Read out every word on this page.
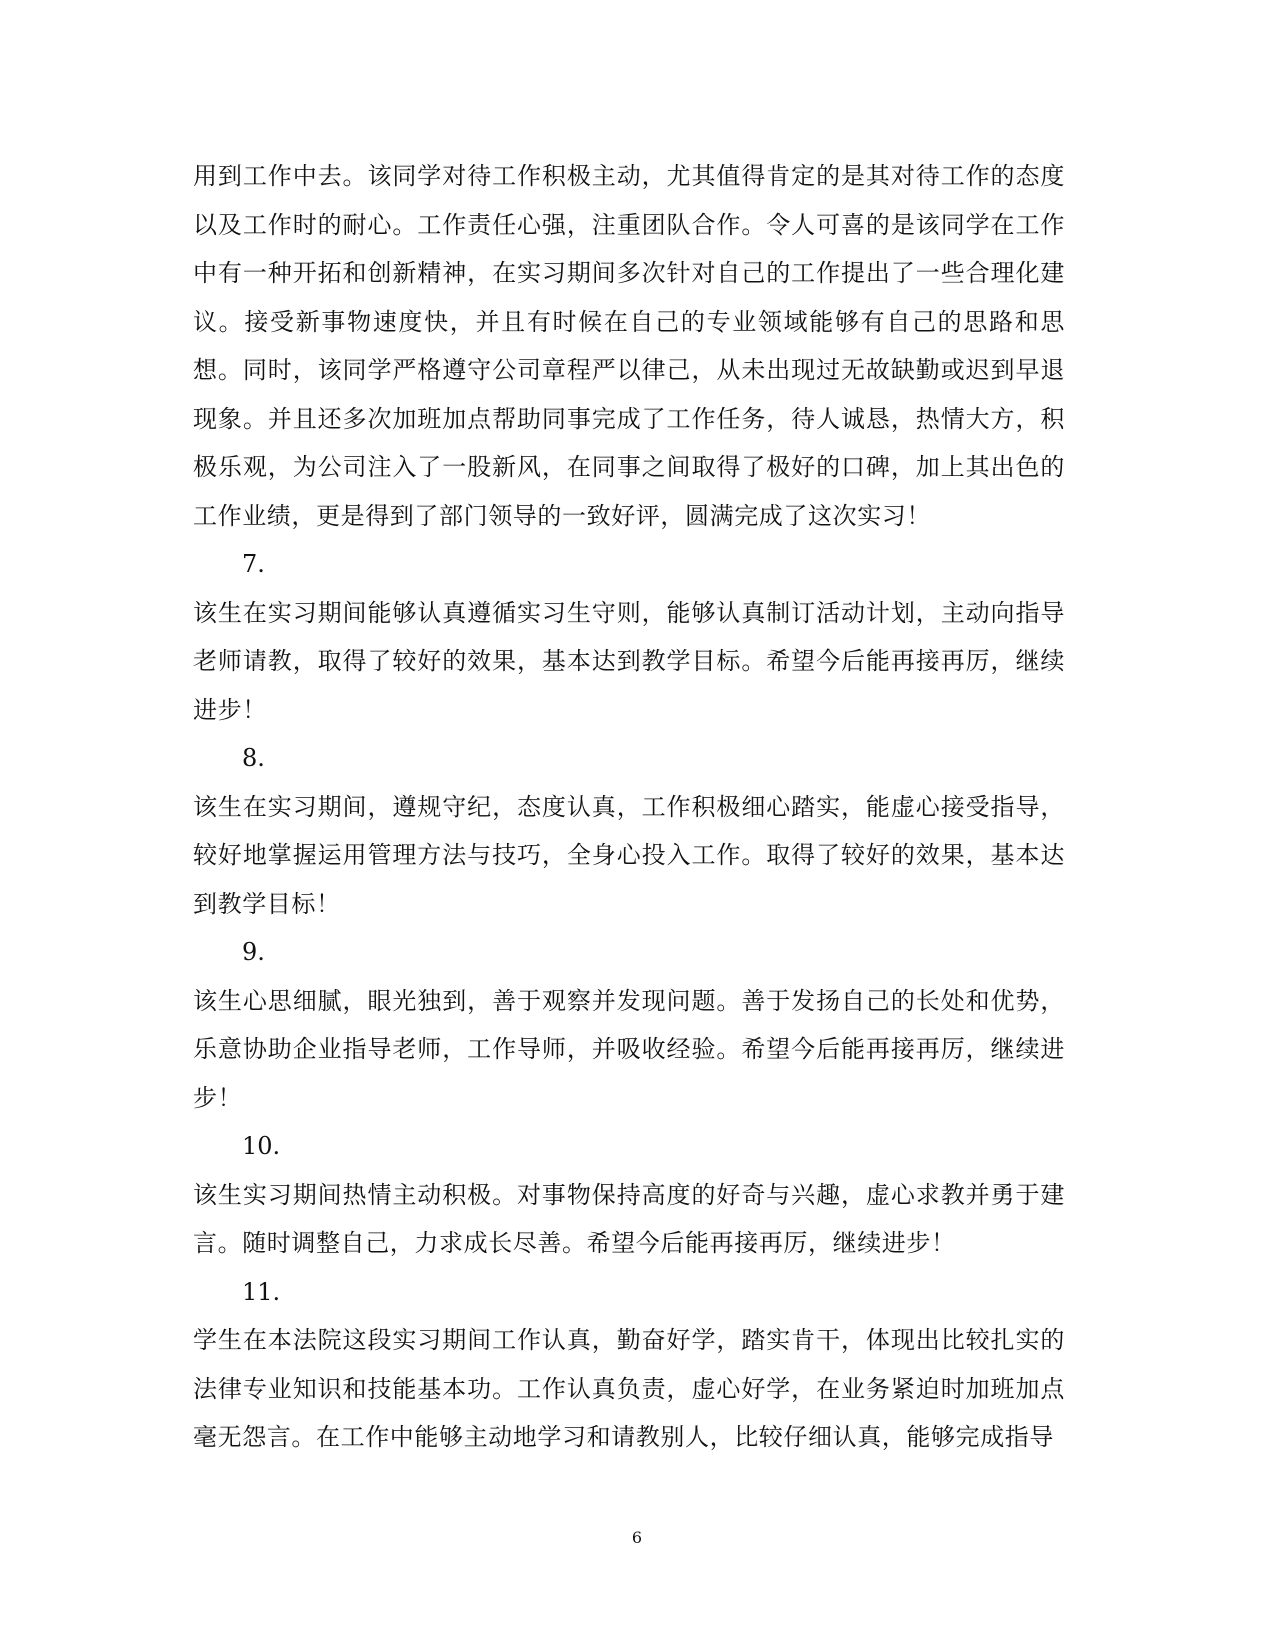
用到工作中去。该同学对待工作积极主动，尤其值得肯定的是其对待工作的态度以及工作时的耐心。工作责任心强，注重团队合作。令人可喜的是该同学在工作中有一种开拓和创新精神，在实习期间多次针对自己的工作提出了一些合理化建议。接受新事物速度快，并且有时候在自己的专业领域能够有自己的思路和思想。同时，该同学严格遵守公司章程严以律己，从未出现过无故缺勤或迟到早退现象。并且还多次加班加点帮助同事完成了工作任务，待人诚恳，热情大方，积极乐观，为公司注入了一股新风，在同事之间取得了极好的口碑，加上其出色的工作业绩，更是得到了部门领导的一致好评，圆满完成了这次实习！

7.

该生在实习期间能够认真遵循实习生守则，能够认真制订活动计划，主动向指导老师请教，取得了较好的效果，基本达到教学目标。希望今后能再接再厉，继续进步！

8.

该生在实习期间，遵规守纪，态度认真，工作积极细心踏实，能虚心接受指导，较好地掌握运用管理方法与技巧，全身心投入工作。取得了较好的效果，基本达到教学目标！

9.

该生心思细腻，眼光独到，善于观察并发现问题。善于发扬自己的长处和优势，乐意协助企业指导老师，工作导师，并吸收经验。希望今后能再接再厉，继续进步！

10.

该生实习期间热情主动积极。对事物保持高度的好奇与兴趣，虚心求教并勇于建言。随时调整自己，力求成长尽善。希望今后能再接再厉，继续进步！

11.

学生在本法院这段实习期间工作认真，勤奋好学，踏实肯干，体现出比较扎实的法律专业知识和技能基本功。工作认真负责，虚心好学，在业务紧迫时加班加点毫无怨言。在工作中能够主动地学习和请教别人，比较仔细认真，能够完成指导

6
